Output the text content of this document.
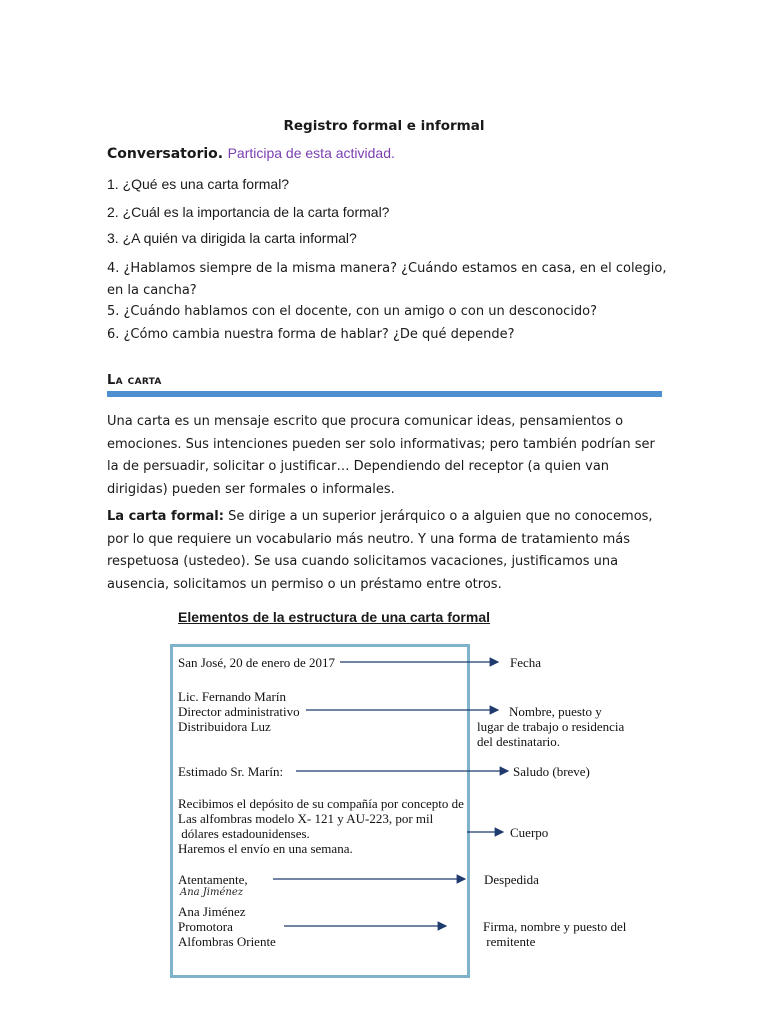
Registro formal e informal
Conversatorio. Participa de esta actividad.
1. ¿Qué es una carta formal?
2. ¿Cuál es la importancia de la carta formal?
3. ¿A quién va dirigida la carta informal?
4. ¿Hablamos siempre de la misma manera? ¿Cuándo estamos en casa, en el colegio, en la cancha?
5. ¿Cuándo hablamos con el docente, con un amigo o con un desconocido?
6. ¿Cómo cambia nuestra forma de hablar? ¿De qué depende?
La carta
Una carta es un mensaje escrito que procura comunicar ideas, pensamientos o emociones. Sus intenciones pueden ser solo informativas; pero también podrían ser la de persuadir, solicitar o justificar… Dependiendo del receptor (a quien van dirigidas) pueden ser formales o informales.
La carta formal: Se dirige a un superior jerárquico o a alguien que no conocemos, por lo que requiere un vocabulario más neutro. Y una forma de tratamiento más respetuosa (ustedeo). Se usa cuando solicitamos vacaciones, justificamos una ausencia, solicitamos un permiso o un préstamo entre otros.
Elementos de la estructura de una carta formal
San José, 20 de enero de 2017
Lic. Fernando Marín
Director administrativo
Distribuidora Luz
Estimado Sr. Marín:
Recibimos el depósito de su compañía por concepto de
Las alfombras modelo X- 121 y AU-223, por mil
dólares estadounidenses.
Haremos el envío en una semana.
Atentamente,
Ana Jiménez
Ana Jiménez
Promotora
Alfombras Oriente
Fecha
Nombre, puesto y
lugar de trabajo o residencia
del destinatario.
Saludo (breve)
Cuerpo
Despedida
Firma, nombre y puesto del
remitente
